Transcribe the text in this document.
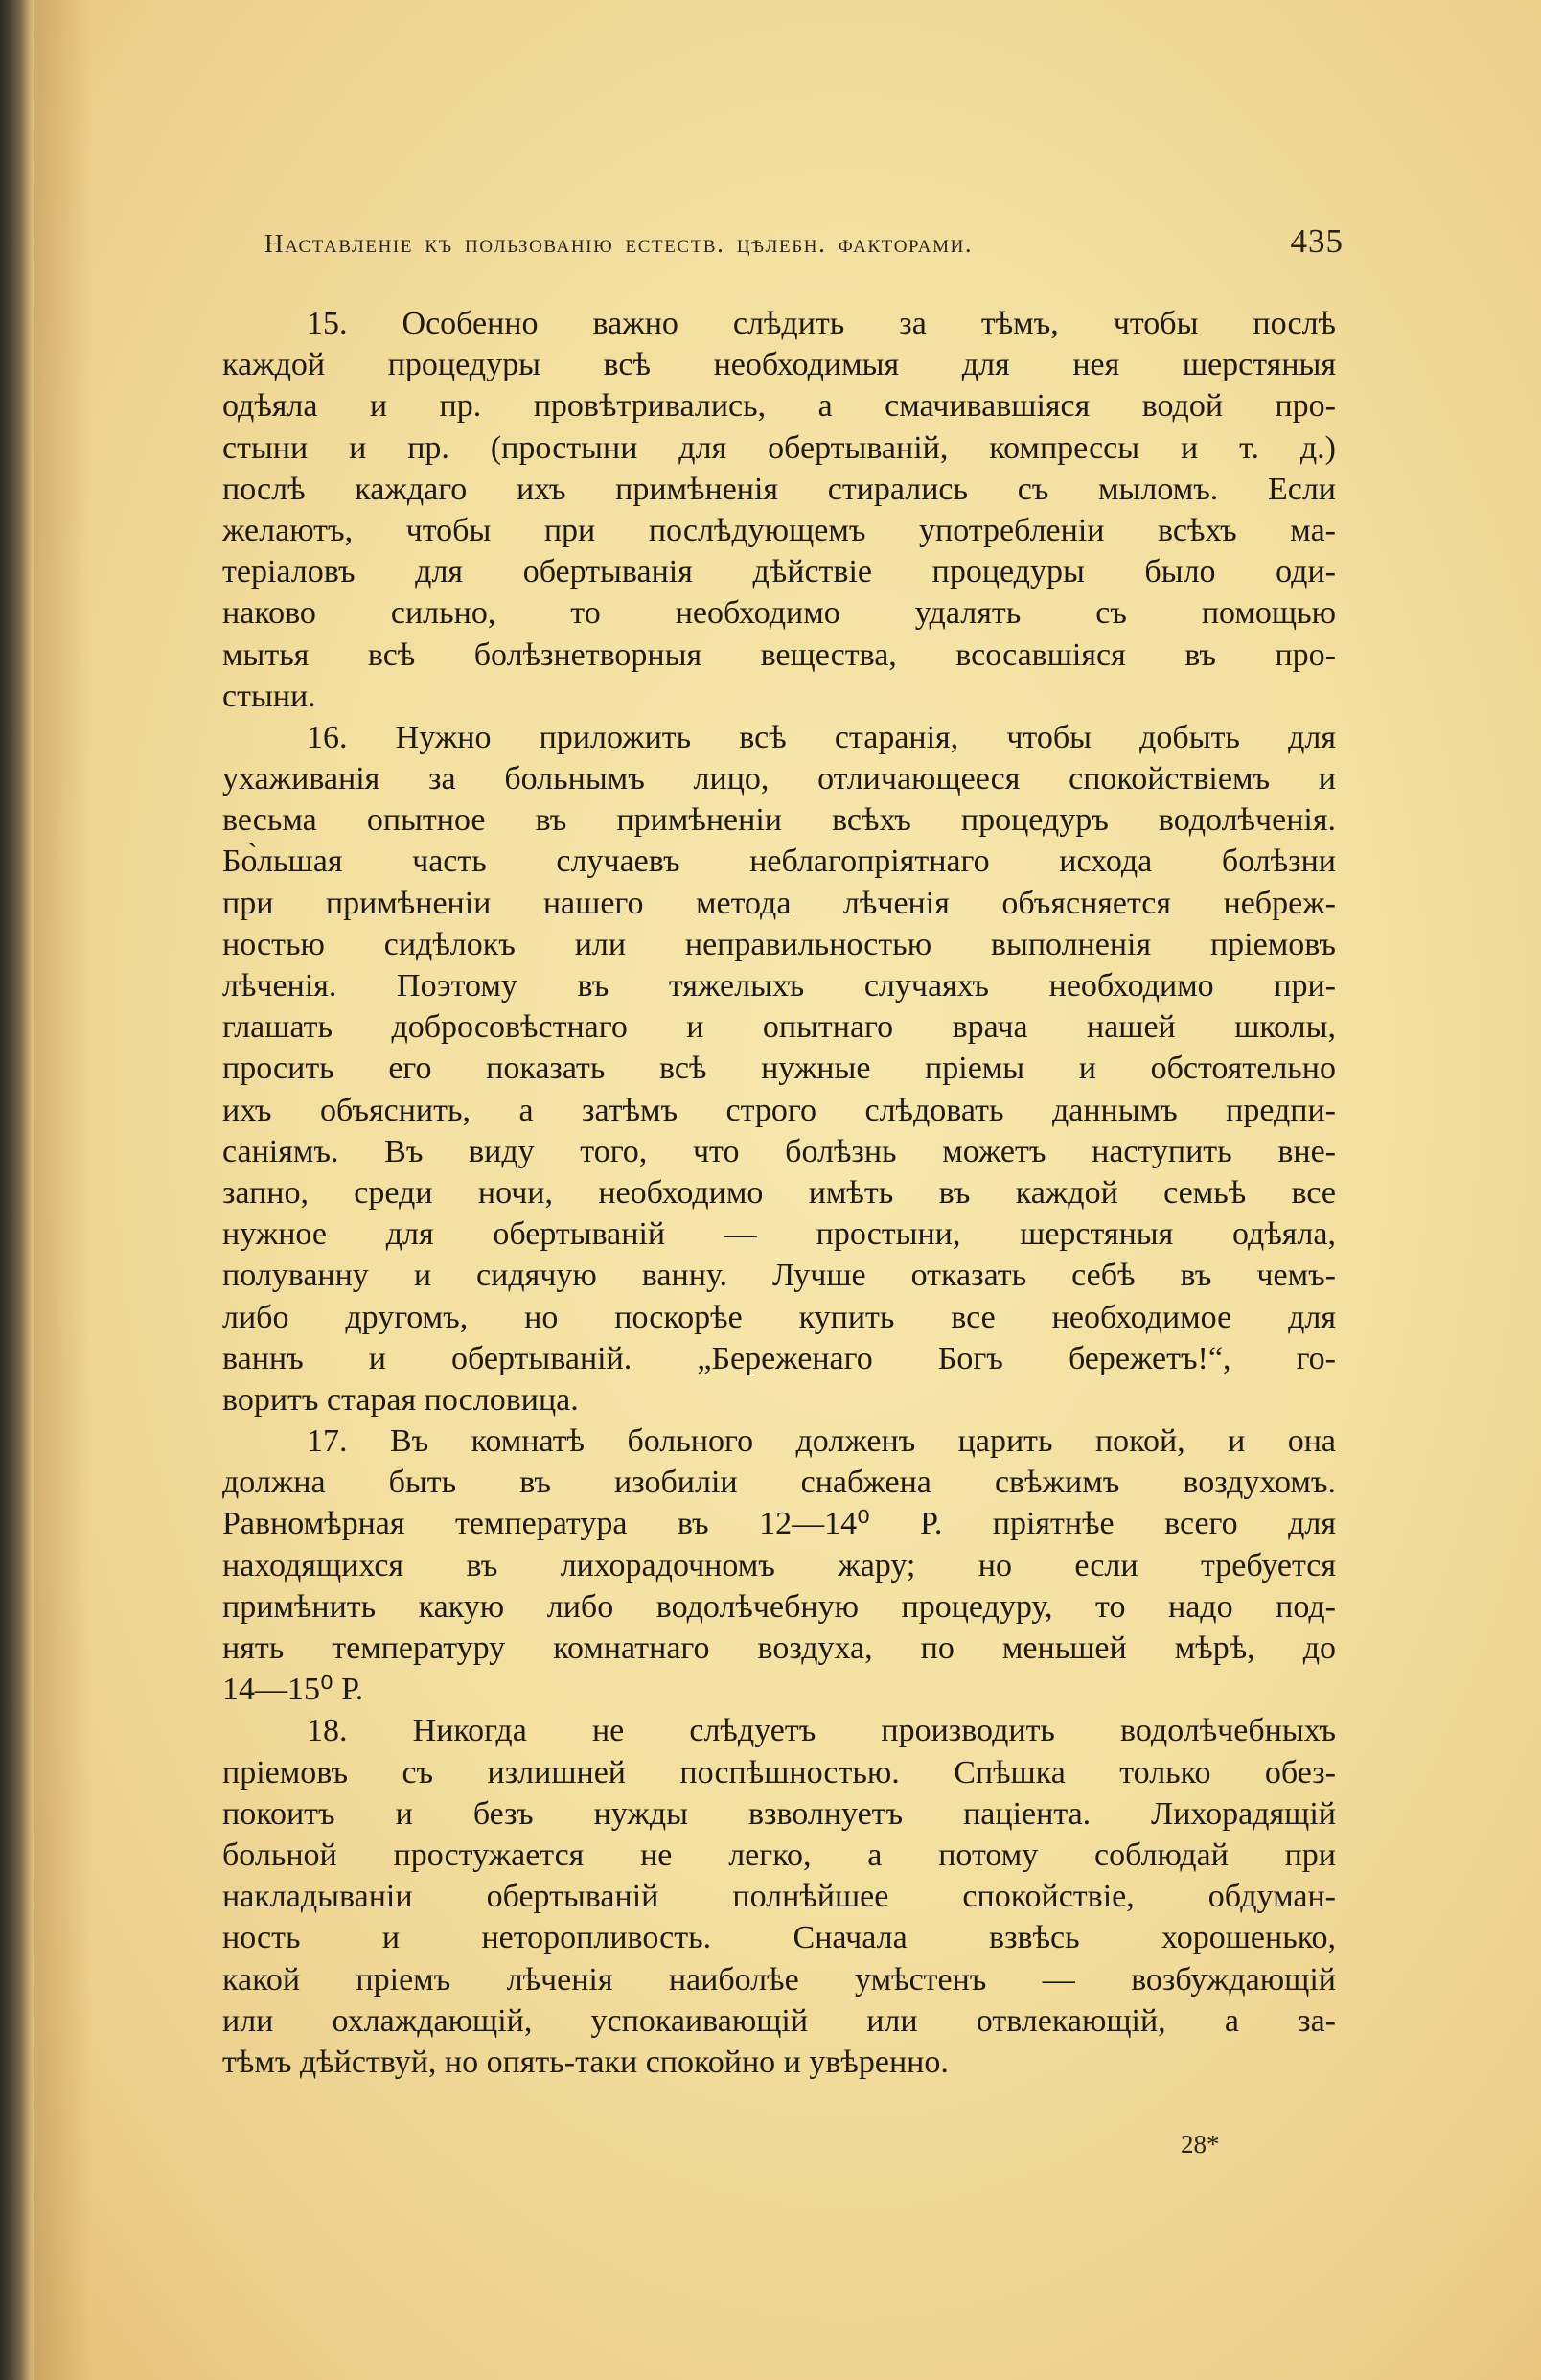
Наставленіе къ пользованію естеств. цѣлебн. факторами.	435
15. Особенно важно слѣдить за тѣмъ, чтобы послѣ
каждой процедуры всѣ необходимыя для нея шерстяныя
одѣяла и пр. провѣтривались, а смачивавшіяся водой про-
стыни и пр. (простыни для обертываній, компрессы и т. д.)
послѣ каждаго ихъ примѣненія стирались съ мыломъ. Если
желаютъ, чтобы при послѣдующемъ употребленіи всѣхъ ма-
теріаловъ для обертыванія дѣйствіе процедуры было оди-
наково сильно, то необходимо удалять съ помощью
мытья всѣ болѣзнетворныя вещества, всосавшіяся въ про-
стыни.
16. Нужно приложить всѣ старанія, чтобы добыть для
ухаживанія за больнымъ лицо, отличающееся спокойствіемъ и
весьма опытное въ примѣненіи всѣхъ процедуръ водолѣченія.
Бо̀льшая часть случаевъ неблагопріятнаго исхода болѣзни
при примѣненіи нашего метода лѣченія объясняется небреж-
ностью сидѣлокъ или неправильностью выполненія пріемовъ
лѣченія. Поэтому въ тяжелыхъ случаяхъ необходимо при-
глашать добросовѣстнаго и опытнаго врача нашей школы,
просить его показать всѣ нужные пріемы и обстоятельно
ихъ объяснить, а затѣмъ строго слѣдовать даннымъ предпи-
саніямъ. Въ виду того, что болѣзнь можетъ наступить вне-
запно, среди ночи, необходимо имѣть въ каждой семьѣ все
нужное для обертываній — простыни, шерстяныя одѣяла,
полуванну и сидячую ванну. Лучше отказать себѣ въ чемъ-
либо другомъ, но поскорѣе купить все необходимое для
ваннъ и обертываній. „Береженаго Богъ бережетъ!“, го-
воритъ старая пословица.
17. Въ комнатѣ больного долженъ царить покой, и она
должна быть въ изобиліи снабжена свѣжимъ воздухомъ.
Равномѣрная температура въ 12—14⁰ Р. пріятнѣе всего для
находящихся въ лихорадочномъ жару; но если требуется
примѣнить какую либо водолѣчебную процедуру, то надо под-
нять температуру комнатнаго воздуха, по меньшей мѣрѣ, до
14—15⁰ Р.
18. Никогда не слѣдуетъ производить водолѣчебныхъ
пріемовъ съ излишней поспѣшностью. Спѣшка только обез-
покоитъ и безъ нужды взволнуетъ паціента. Лихорадящій
больной простужается не легко, а потому соблюдай при
накладываніи обертываній полнѣйшее спокойствіе, обдуман-
ность и неторопливость. Сначала взвѣсь хорошенько,
какой пріемъ лѣченія наиболѣе умѣстенъ — возбуждающій
или охлаждающій, успокаивающій или отвлекающій, а за-
тѣмъ дѣйствуй, но опять-таки спокойно и увѣренно.
28*
